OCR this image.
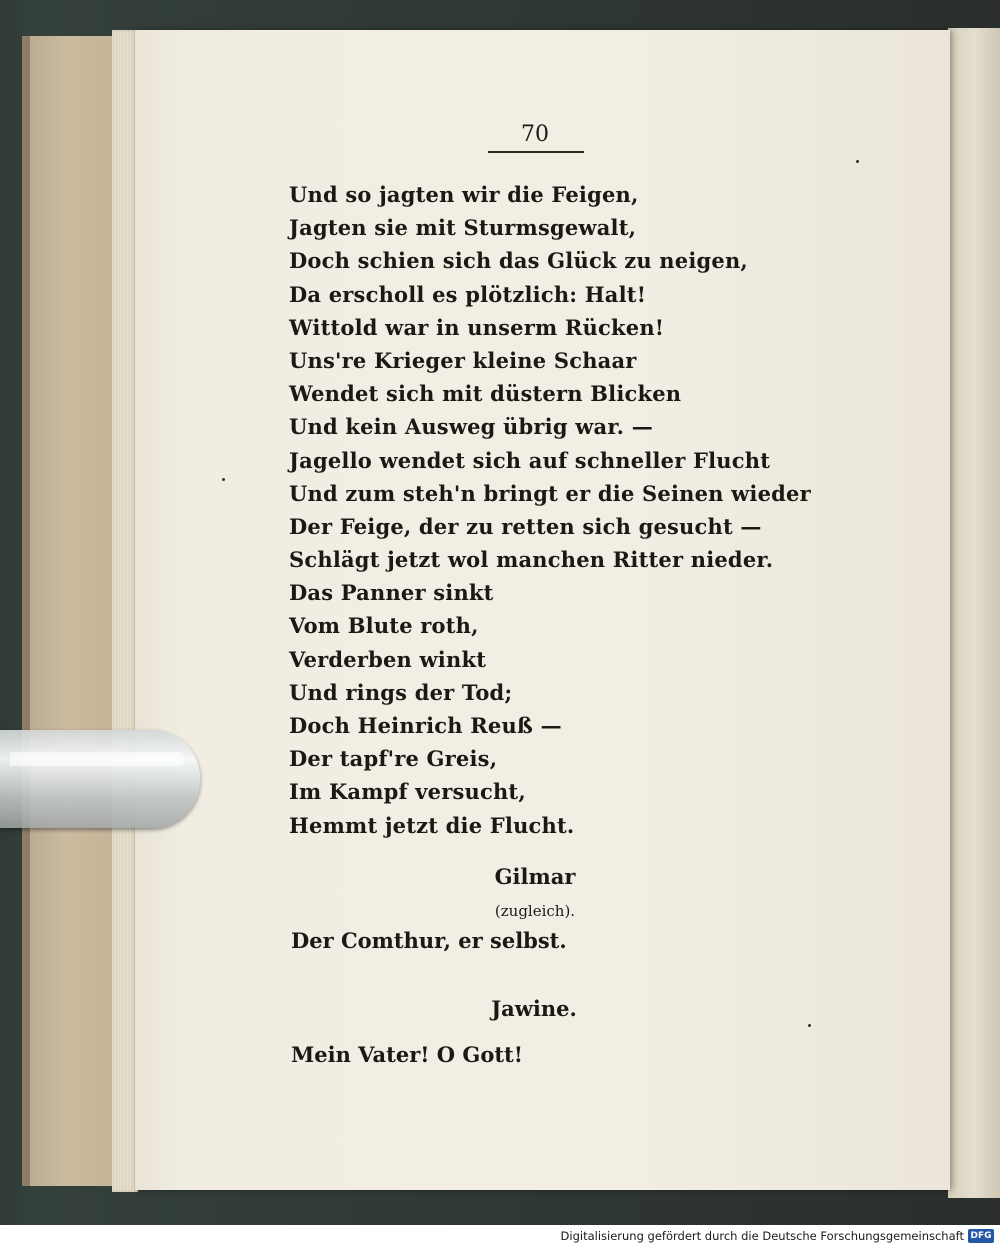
70
Und so jagten wir die Feigen,
Jagten sie mit Sturmsgewalt,
Doch schien sich das Glück zu neigen,
Da erscholl es plötzlich: Halt!
Wittold war in unserm Rücken!
Uns're Krieger kleine Schaar
Wendet sich mit düstern Blicken
Und kein Ausweg übrig war. —
Jagello wendet sich auf schneller Flucht
Und zum steh'n bringt er die Seinen wieder
Der Feige, der zu retten sich gesucht —
Schlägt jetzt wol manchen Ritter nieder.
Das Panner sinkt
Vom Blute roth,
Verderben winkt
Und rings der Tod;
Doch Heinrich Reuß —
Der tapf're Greis,
Im Kampf versucht,
Hemmt jetzt die Flucht.
Gilmar
(zugleich).
Der Comthur, er selbst.
Jawine.
Mein Vater! O Gott!
Digitalisierung gefördert durch die Deutsche Forschungsgemeinschaft DFG
